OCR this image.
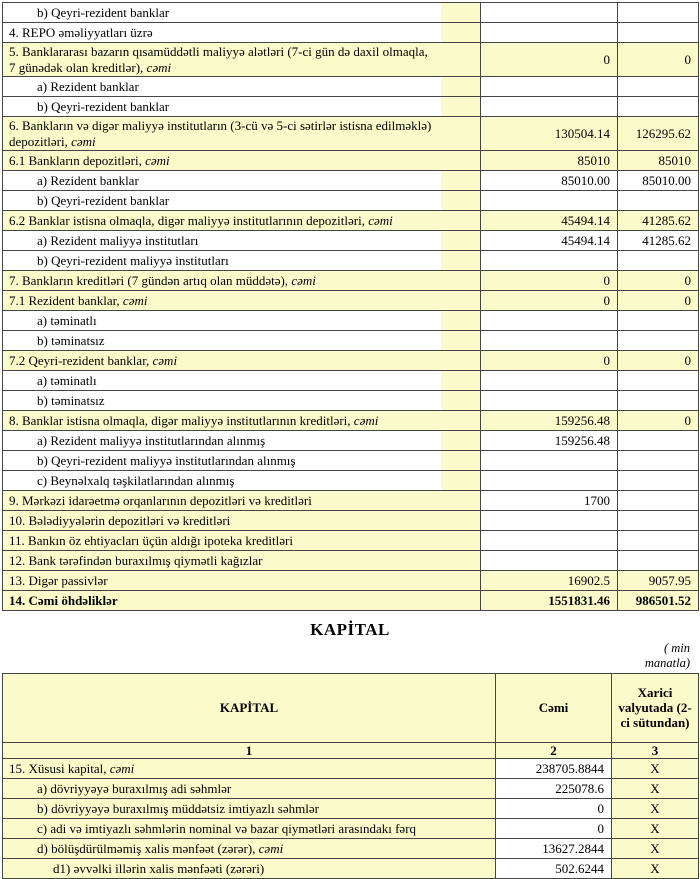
b) Qeyri-rezident banklar			
4. REPO əməliyyatları üzrə			
5. Banklararası bazarın qısamüddətli maliyyə alətləri (7-ci gün də daxil olmaqla, 7 günədək olan kreditlər), cəmi		0	0
a) Rezident banklar			
b) Qeyri-rezident banklar			
6. Bankların və digər maliyyə institutların (3-cü və 5-ci sətirlər istisna edilməklə) depozitləri, cəmi		130504.14	126295.62
6.1 Bankların depozitləri, cəmi		85010	85010
a) Rezident banklar		85010.00	85010.00
b) Qeyri-rezident banklar			
6.2 Banklar istisna olmaqla, digər maliyyə institutlarının depozitləri, cəmi		45494.14	41285.62
a) Rezident maliyyə institutları		45494.14	41285.62
b) Qeyri-rezident maliyyə institutları			
7. Bankların kreditləri (7 gündən artıq olan müddətə), cəmi		0	0
7.1 Rezident banklar, cəmi		0	0
a) təminatlı			
b) təminatsız			
7.2 Qeyri-rezident banklar, cəmi		0	0
a) təminatlı			
b) təminatsız			
8. Banklar istisna olmaqla, digər maliyyə institutlarının kreditləri, cəmi		159256.48	0
a) Rezident maliyyə institutlarından alınmış		159256.48	
b) Qeyri-rezident maliyyə institutlarından alınmış			
c) Beynəlxalq təşkilatlarından alınmış			
9. Mərkəzi idarəetmə orqanlarının depozitləri və kreditləri		1700	
10. Bələdiyyələrin depozitləri və kreditləri			
11. Bankın öz ehtiyacları üçün aldığı ipoteka kreditləri			
12. Bank tərəfindən buraxılmış qiymətli kağızlar			
13. Digər passivlər		16902.5	9057.95
14. Cəmi öhdəliklər		1551831.46	986501.52
KAPİTAL
( min
manatla)
KAPİTAL	Cəmi	Xarici valyutada (2-ci sütundan)
1	2	3
15. Xüsusi kapital, cəmi	238705.8844	X
a) dövriyyəyə buraxılmış adi səhmlər	225078.6	X
b) dövriyyəyə buraxılmış müddətsiz imtiyazlı səhmlər	0	X
c) adi və imtiyazlı səhmlərin nominal və bazar qiymətləri arasındakı fərq	0	X
d) bölüşdürülməmiş xalis mənfəət (zərər), cəmi	13627.2844	X
d1) əvvəlki illərin xalis mənfəəti (zərəri)	502.6244	X
